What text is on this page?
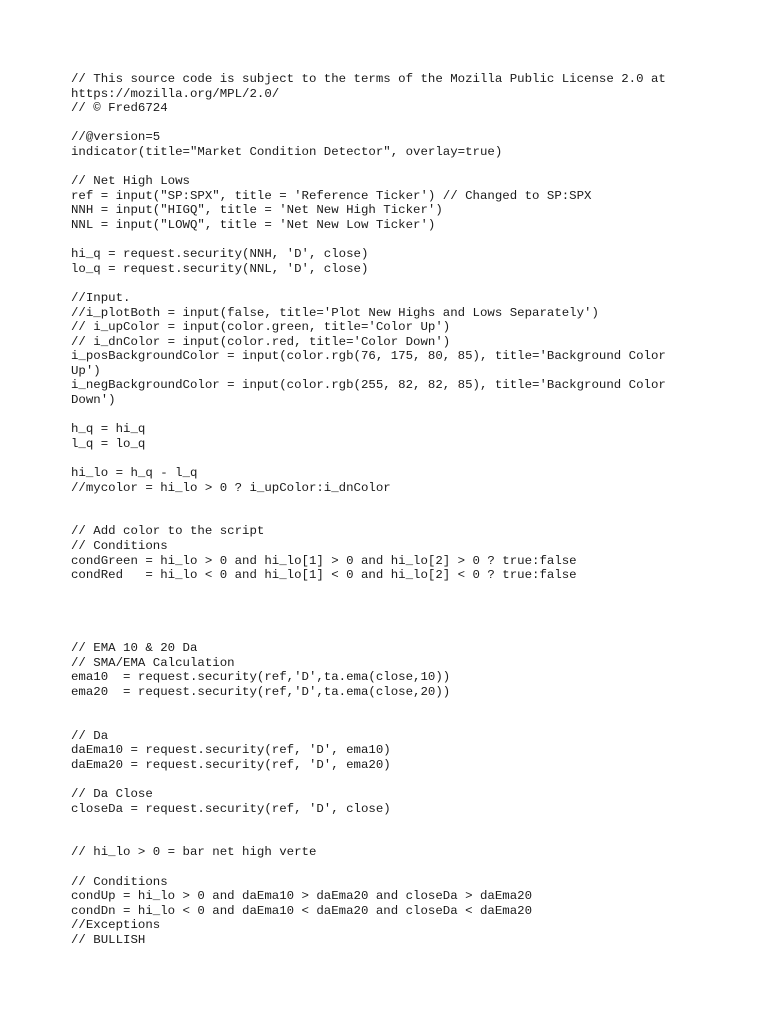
// This source code is subject to the terms of the Mozilla Public License 2.0 at
https://mozilla.org/MPL/2.0/
// © Fred6724
//@version=5
indicator(title="Market Condition Detector", overlay=true)
// Net High Lows
ref = input("SP:SPX", title = 'Reference Ticker') // Changed to SP:SPX
NNH = input("HIGQ", title = 'Net New High Ticker')
NNL = input("LOWQ", title = 'Net New Low Ticker')
hi_q = request.security(NNH, 'D', close)
lo_q = request.security(NNL, 'D', close)
//Input.
//i_plotBoth = input(false, title='Plot New Highs and Lows Separately')
// i_upColor = input(color.green, title='Color Up')
// i_dnColor = input(color.red, title='Color Down')
i_posBackgroundColor = input(color.rgb(76, 175, 80, 85), title='Background Color
Up')
i_negBackgroundColor = input(color.rgb(255, 82, 82, 85), title='Background Color
Down')
h_q = hi_q
l_q = lo_q
hi_lo = h_q - l_q
//mycolor = hi_lo > 0 ? i_upColor:i_dnColor
// Add color to the script
// Conditions
condGreen = hi_lo > 0 and hi_lo[1] > 0 and hi_lo[2] > 0 ? true:false
condRed   = hi_lo < 0 and hi_lo[1] < 0 and hi_lo[2] < 0 ? true:false
// EMA 10 & 20 Da
// SMA/EMA Calculation
ema10  = request.security(ref,'D',ta.ema(close,10))
ema20  = request.security(ref,'D',ta.ema(close,20))
// Da
daEma10 = request.security(ref, 'D', ema10)
daEma20 = request.security(ref, 'D', ema20)
// Da Close
closeDa = request.security(ref, 'D', close)
// hi_lo > 0 = bar net high verte
// Conditions
condUp = hi_lo > 0 and daEma10 > daEma20 and closeDa > daEma20
condDn = hi_lo < 0 and daEma10 < daEma20 and closeDa < daEma20
//Exceptions
// BULLISH
